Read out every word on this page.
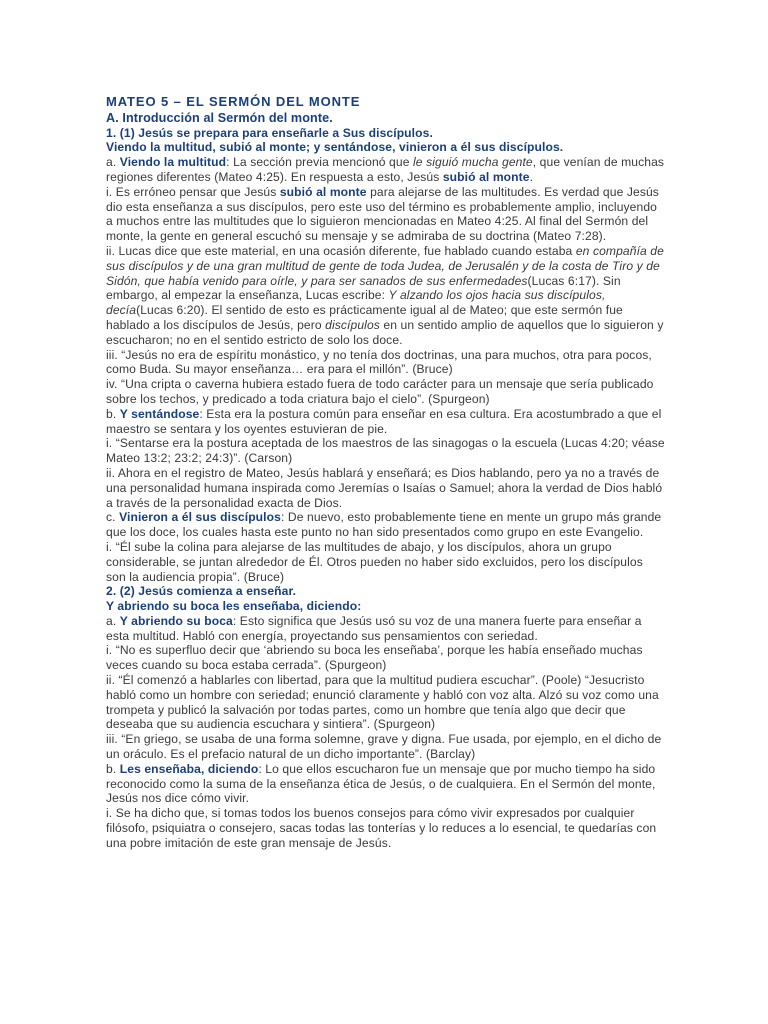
MATEO 5 – EL SERMÓN DEL MONTE
A. Introducción al Sermón del monte.
1. (1) Jesús se prepara para enseñarle a Sus discípulos.
Viendo la multitud, subió al monte; y sentándose, vinieron a él sus discípulos.

a. Viendo la multitud: La sección previa mencionó que le siguió mucha gente, que venían de muchas regiones diferentes (Mateo 4:25). En respuesta a esto, Jesús subió al monte.

i. Es erróneo pensar que Jesús subió al monte para alejarse de las multitudes. Es verdad que Jesús dio esta enseñanza a sus discípulos, pero este uso del término es probablemente amplio, incluyendo a muchos entre las multitudes que lo siguieron mencionadas en Mateo 4:25. Al final del Sermón del monte, la gente en general escuchó su mensaje y se admiraba de su doctrina (Mateo 7:28).

ii. Lucas dice que este material, en una ocasión diferente, fue hablado cuando estaba en compañía de sus discípulos y de una gran multitud de gente de toda Judea, de Jerusalén y de la costa de Tiro y de Sidón, que había venido para oírle, y para ser sanados de sus enfermedades(Lucas 6:17). Sin embargo, al empezar la enseñanza, Lucas escribe: Y alzando los ojos hacia sus discípulos, decía(Lucas 6:20). El sentido de esto es prácticamente igual al de Mateo; que este sermón fue hablado a los discípulos de Jesús, pero discípulos en un sentido amplio de aquellos que lo siguieron y escucharon; no en el sentido estricto de solo los doce.

iii. “Jesús no era de espíritu monástico, y no tenía dos doctrinas, una para muchos, otra para pocos, como Buda. Su mayor enseñanza… era para el millón”. (Bruce)

iv. “Una cripta o caverna hubiera estado fuera de todo carácter para un mensaje que sería publicado sobre los techos, y predicado a toda criatura bajo el cielo”. (Spurgeon)

b. Y sentándose: Esta era la postura común para enseñar en esa cultura. Era acostumbrado a que el maestro se sentara y los oyentes estuvieran de pie.

i. “Sentarse era la postura aceptada de los maestros de las sinagogas o la escuela (Lucas 4:20; véase Mateo 13:2; 23:2; 24:3)”. (Carson)

ii. Ahora en el registro de Mateo, Jesús hablará y enseñará; es Dios hablando, pero ya no a través de una personalidad humana inspirada como Jeremías o Isaías o Samuel; ahora la verdad de Dios habló a través de la personalidad exacta de Dios.

c. Vinieron a él sus discípulos: De nuevo, esto probablemente tiene en mente un grupo más grande que los doce, los cuales hasta este punto no han sido presentados como grupo en este Evangelio.

i. “Él sube la colina para alejarse de las multitudes de abajo, y los discípulos, ahora un grupo considerable, se juntan alrededor de Él. Otros pueden no haber sido excluidos, pero los discípulos son la audiencia propia”. (Bruce)

2. (2) Jesús comienza a enseñar.
Y abriendo su boca les enseñaba, diciendo:

a. Y abriendo su boca: Esto significa que Jesús usó su voz de una manera fuerte para enseñar a esta multitud. Habló con energía, proyectando sus pensamientos con seriedad.

i. “No es superfluo decir que ‘abriendo su boca les enseñaba’, porque les había enseñado muchas veces cuando su boca estaba cerrada”. (Spurgeon)

ii. “Él comenzó a hablarles con libertad, para que la multitud pudiera escuchar”. (Poole) “Jesucristo habló como un hombre con seriedad; enunció claramente y habló con voz alta. Alzó su voz como una trompeta y publicó la salvación por todas partes, como un hombre que tenía algo que decir que deseaba que su audiencia escuchara y sintiera”. (Spurgeon)

iii. “En griego, se usaba de una forma solemne, grave y digna. Fue usada, por ejemplo, en el dicho de un oráculo. Es el prefacio natural de un dicho importante”. (Barclay)

b. Les enseñaba, diciendo: Lo que ellos escucharon fue un mensaje que por mucho tiempo ha sido reconocido como la suma de la enseñanza ética de Jesús, o de cualquiera. En el Sermón del monte, Jesús nos dice cómo vivir.

i. Se ha dicho que, si tomas todos los buenos consejos para cómo vivir expresados por cualquier filósofo, psiquiatra o consejero, sacas todas las tonterías y lo reduces a lo esencial, te quedarías con una pobre imitación de este gran mensaje de Jesús.
